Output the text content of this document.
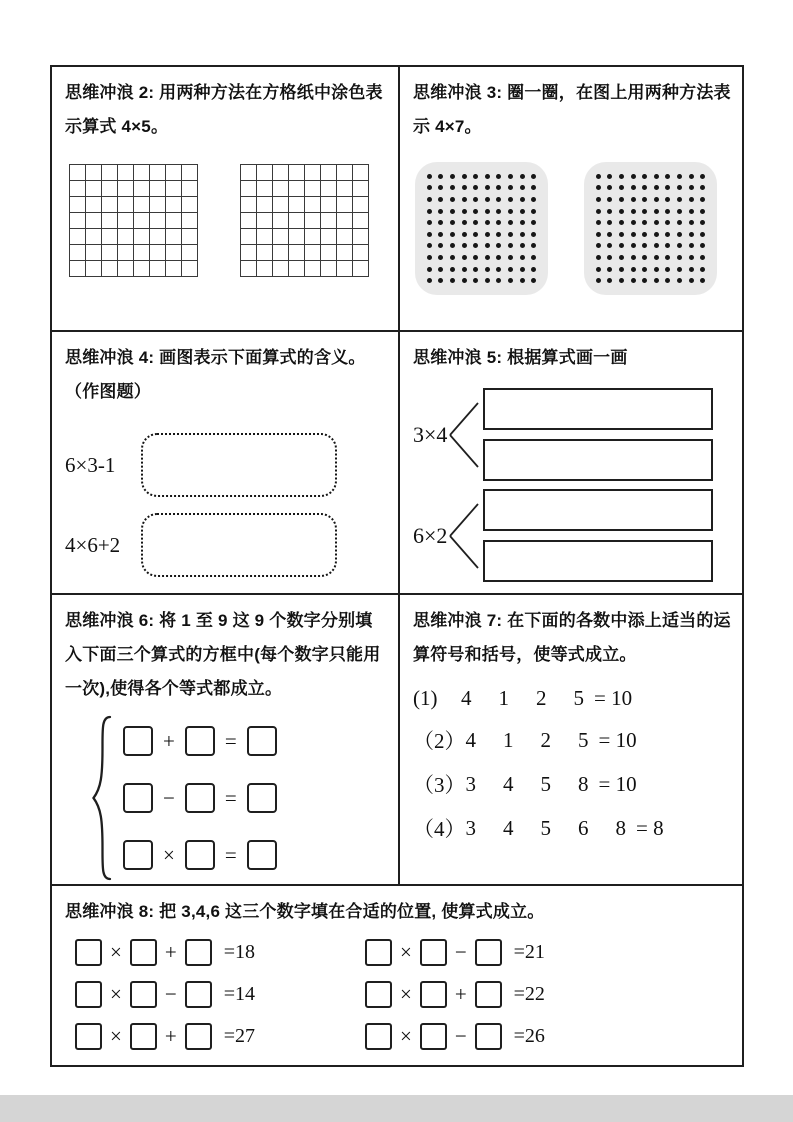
思维冲浪 2: 用两种方法在方格纸中涂色表示算式 4×5。
思维冲浪 3: 圈一圈，在图上用两种方法表示 4×7。
思维冲浪 4: 画图表示下面算式的含义。（作图题）
6×3-1
4×6+2
思维冲浪 5: 根据算式画一画
3×4
6×2
思维冲浪 6: 将 1 至 9 这 9 个数字分别填入下面三个算式的方框中(每个数字只能用一次),使得各个等式都成立。
+ =
− =
× =
思维冲浪 7: 在下面的各数中添上适当的运算符号和括号，使等式成立。
(1)	4 1 2 5 = 10
（2） 4 1 2 5 = 10
（3） 3 4 5 8 = 10
（4） 3 4 5 6 8 = 8
思维冲浪 8: 把 3,4,6 这三个数字填在合适的位置, 使算式成立。
× + =18
× − =14
× + =27
× − =21
× + =22
× − =26
